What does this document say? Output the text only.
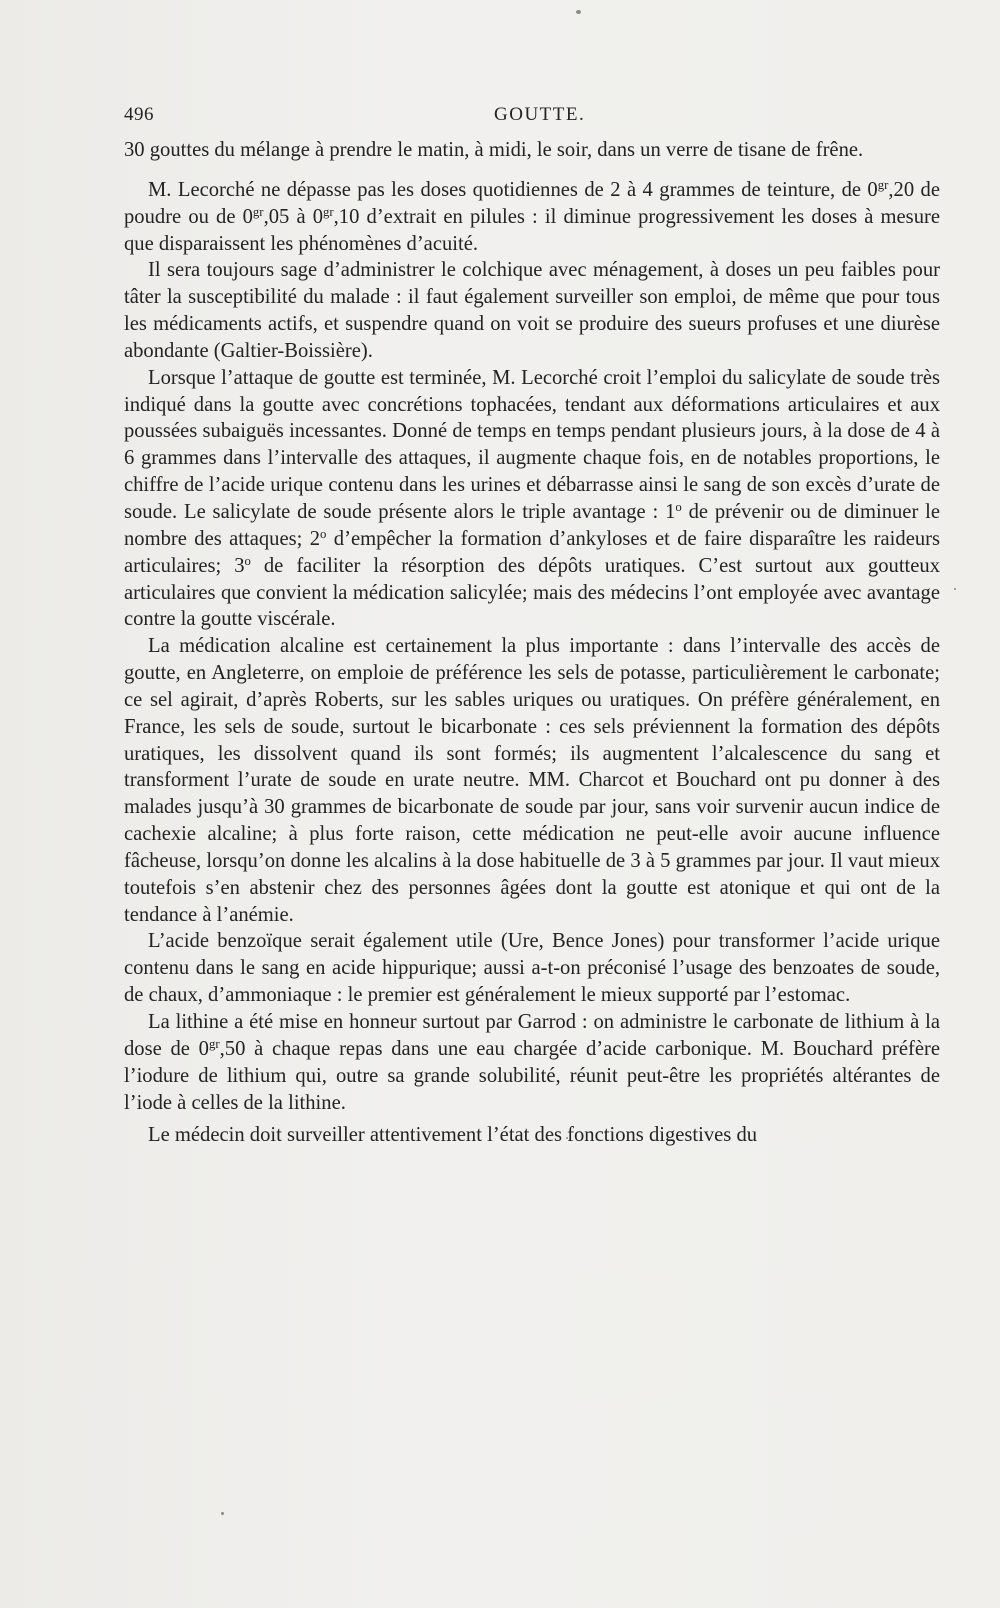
496	GOUTTE.

30 gouttes du mélange à prendre le matin, à midi, le soir, dans un verre de tisane de frêne.

M. Lecorché ne dépasse pas les doses quotidiennes de 2 à 4 grammes de teinture, de $0^{gr},20$ de poudre ou de $0^{gr},05$ à $0^{gr},10$ d’extrait en pilules : il diminue progressivement les doses à mesure que disparaissent les phénomènes d’acuité.

Il sera toujours sage d’administrer le colchique avec ménagement, à doses un peu faibles pour tâter la susceptibilité du malade : il faut également surveiller son emploi, de même que pour tous les médicaments actifs, et suspendre quand on voit se produire des sueurs profuses et une diurèse abondante (Galtier-Boissière).

Lorsque l’attaque de goutte est terminée, M. Lecorché croit l’emploi du salicylate de soude très indiqué dans la goutte avec concrétions tophacées, tendant aux déformations articulaires et aux poussées subaiguës incessantes. Donné de temps en temps pendant plusieurs jours, à la dose de 4 à 6 grammes dans l’intervalle des attaques, il augmente chaque fois, en de notables proportions, le chiffre de l’acide urique contenu dans les urines et débarrasse ainsi le sang de son excès d’urate de soude. Le salicylate de soude présente alors le triple avantage : 1$^o$ de prévenir ou de diminuer le nombre des attaques; 2$^o$ d’empêcher la formation d’ankyloses et de faire disparaître les raideurs articulaires; 3$^o$ de faciliter la résorption des dépôts uratiques. C’est surtout aux goutteux articulaires que convient la médication salicylée; mais des médecins l’ont employée avec avantage contre la goutte viscérale.

La médication alcaline est certainement la plus importante : dans l’intervalle des accès de goutte, en Angleterre, on emploie de préférence les sels de potasse, particulièrement le carbonate; ce sel agirait, d’après Roberts, sur les sables uriques ou uratiques. On préfère généralement, en France, les sels de soude, surtout le bicarbonate : ces sels préviennent la formation des dépôts uratiques, les dissolvent quand ils sont formés; ils augmentent l’alcalescence du sang et transforment l’urate de soude en urate neutre. MM. Charcot et Bouchard ont pu donner à des malades jusqu’à 30 grammes de bicarbonate de soude par jour, sans voir survenir aucun indice de cachexie alcaline; à plus forte raison, cette médication ne peut-elle avoir aucune influence fâcheuse, lorsqu’on donne les alcalins à la dose habituelle de 3 à 5 grammes par jour. Il vaut mieux toutefois s’en abstenir chez des personnes âgées dont la goutte est atonique et qui ont de la tendance à l’anémie.

L’acide benzoïque serait également utile (Ure, Bence Jones) pour transformer l’acide urique contenu dans le sang en acide hippurique; aussi a-t-on préconisé l’usage des benzoates de soude, de chaux, d’ammoniaque : le premier est généralement le mieux supporté par l’estomac.

La lithine a été mise en honneur surtout par Garrod : on administre le carbonate de lithium à la dose de $0^{gr},50$ à chaque repas dans une eau chargée d’acide carbonique. M. Bouchard préfère l’iodure de lithium qui, outre sa grande solubilité, réunit peut-être les propriétés altérantes de l’iode à celles de la lithine.

Le médecin doit surveiller attentivement l’état des fonctions digestives du
